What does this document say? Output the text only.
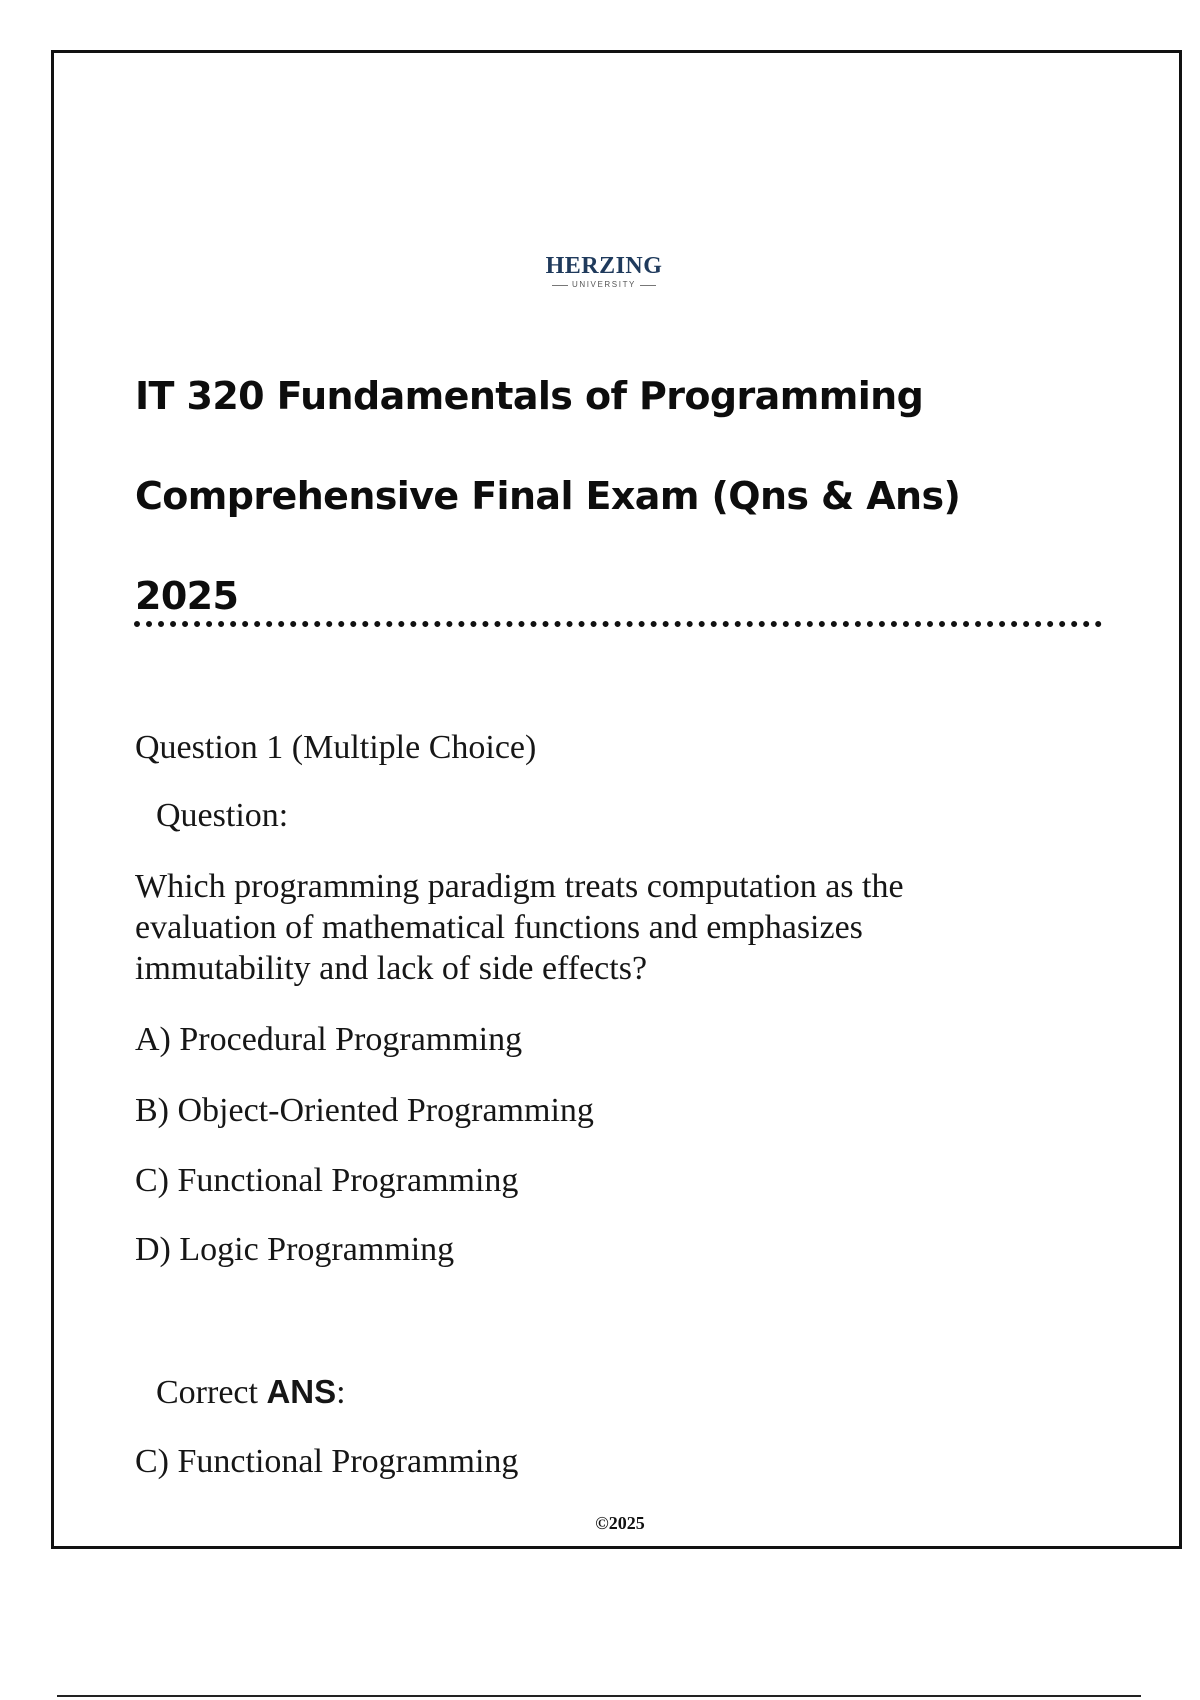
HERZING
UNIVERSITY
IT 320 Fundamentals of Programming
Comprehensive Final Exam (Qns & Ans)
2025
Question 1 (Multiple Choice)
Question:
Which programming paradigm treats computation as the evaluation of mathematical functions and emphasizes immutability and lack of side effects?
A) Procedural Programming
B) Object-Oriented Programming
C) Functional Programming
D) Logic Programming
Correct ANS:
C) Functional Programming
©2025
